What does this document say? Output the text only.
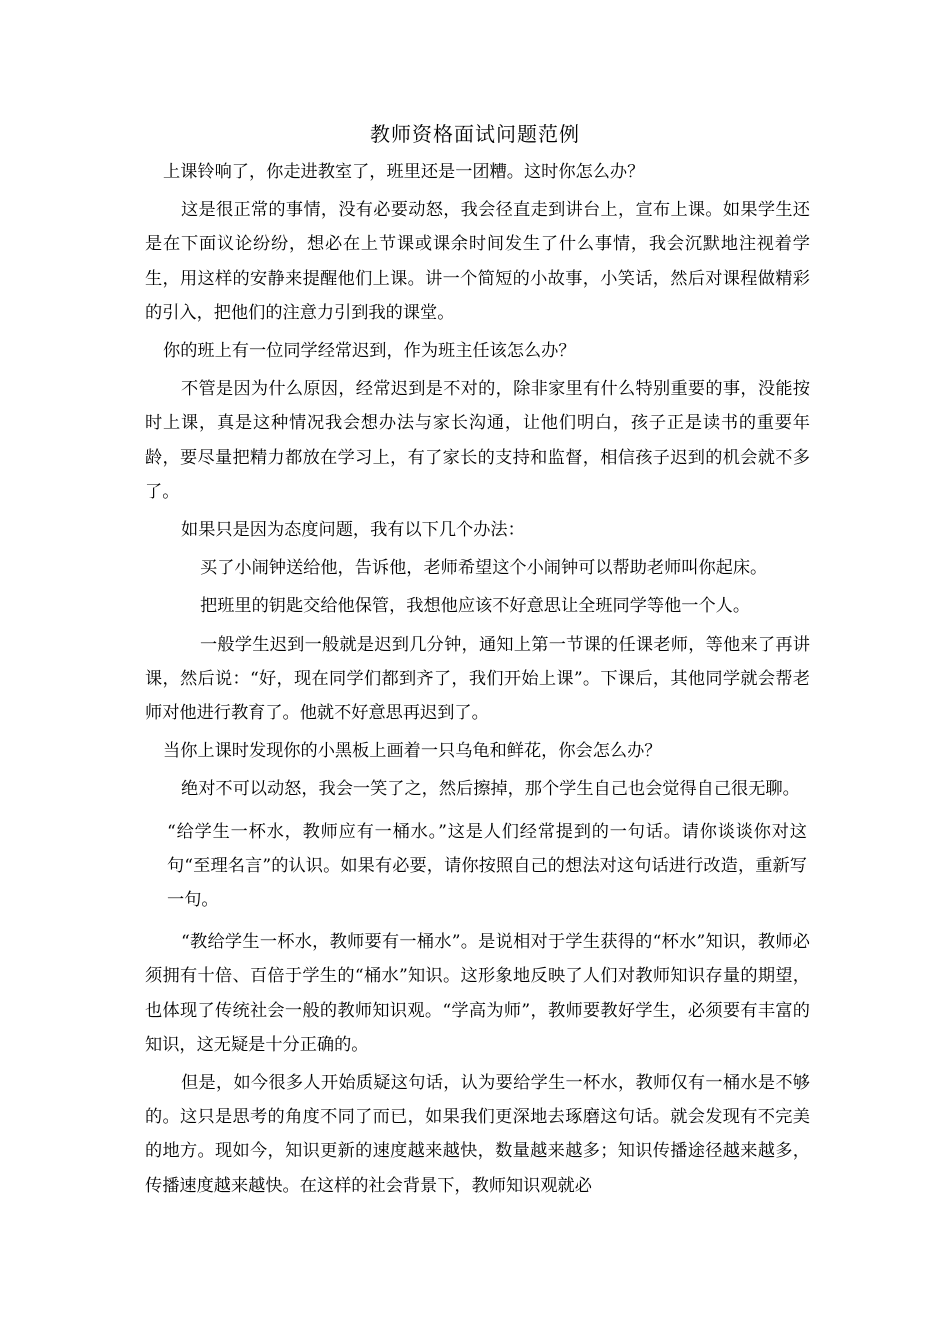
教师资格面试问题范例

上课铃响了，你走进教室了，班里还是一团糟。这时你怎么办？

这是很正常的事情，没有必要动怒，我会径直走到讲台上，宣布上课。如果学生还是在下面议论纷纷，想必在上节课或课余时间发生了什么事情，我会沉默地注视着学生，用这样的安静来提醒他们上课。讲一个简短的小故事，小笑话，然后对课程做精彩的引入，把他们的注意力引到我的课堂。

你的班上有一位同学经常迟到，作为班主任该怎么办？

不管是因为什么原因，经常迟到是不对的，除非家里有什么特别重要的事，没能按时上课，真是这种情况我会想办法与家长沟通，让他们明白，孩子正是读书的重要年龄，要尽量把精力都放在学习上，有了家长的支持和监督，相信孩子迟到的机会就不多了。

如果只是因为态度问题，我有以下几个办法：

买了小闹钟送给他，告诉他，老师希望这个小闹钟可以帮助老师叫你起床。

把班里的钥匙交给他保管，我想他应该不好意思让全班同学等他一个人。

一般学生迟到一般就是迟到几分钟，通知上第一节课的任课老师，等他来了再讲课，然后说：“好，现在同学们都到齐了，我们开始上课”。下课后，其他同学就会帮老师对他进行教育了。他就不好意思再迟到了。

当你上课时发现你的小黑板上画着一只乌龟和鲜花，你会怎么办？

绝对不可以动怒，我会一笑了之，然后擦掉，那个学生自己也会觉得自己很无聊。

“给学生一杯水，教师应有一桶水。”这是人们经常提到的一句话。请你谈谈你对这句“至理名言”的认识。如果有必要，请你按照自己的想法对这句话进行改造，重新写一句。

“教给学生一杯水，教师要有一桶水”。是说相对于学生获得的“杯水”知识，教师必须拥有十倍、百倍于学生的“桶水”知识。这形象地反映了人们对教师知识存量的期望，也体现了传统社会一般的教师知识观。“学高为师”，教师要教好学生，必须要有丰富的知识，这无疑是十分正确的。

但是，如今很多人开始质疑这句话，认为要给学生一杯水，教师仅有一桶水是不够的。这只是思考的角度不同了而已，如果我们更深地去琢磨这句话。就会发现有不完美的地方。现如今，知识更新的速度越来越快，数量越来越多；知识传播途径越来越多，传播速度越来越快。在这样的社会背景下，教师知识观就必
